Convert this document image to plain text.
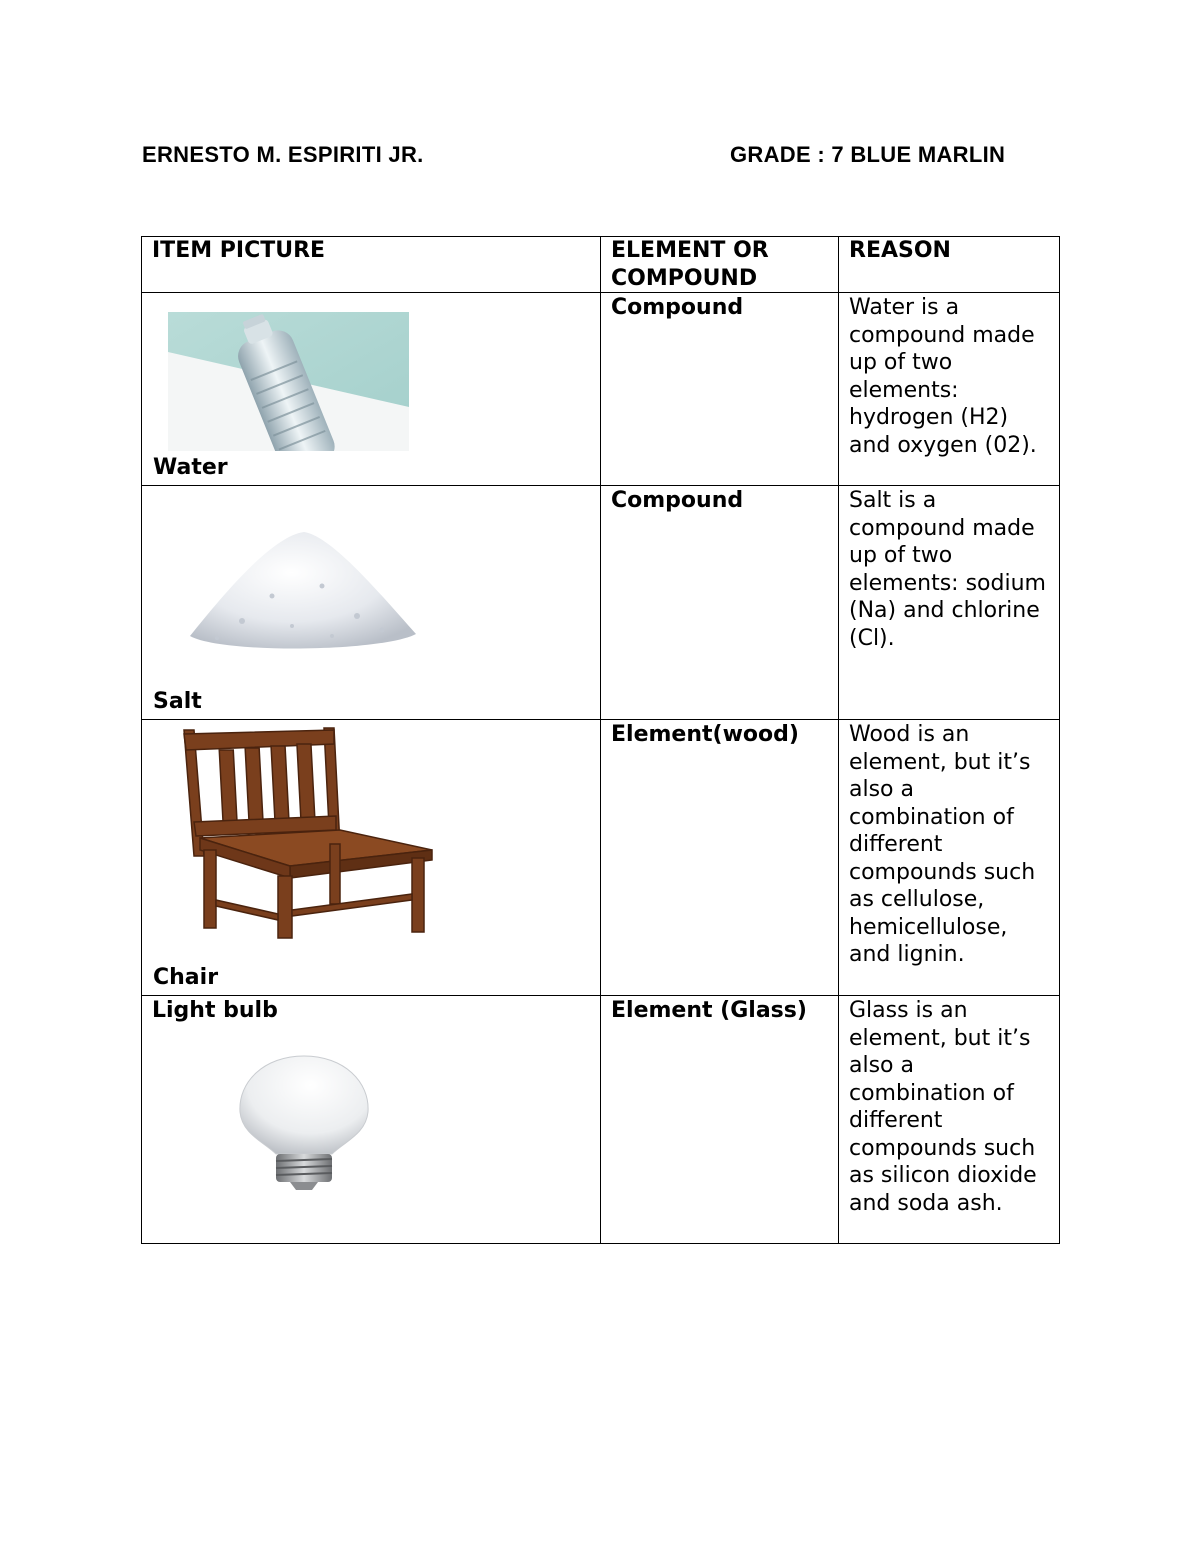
ERNESTO M. ESPIRITI JR.	GRADE : 7 BLUE MARLIN
ITEM PICTURE	ELEMENT OR COMPOUND	REASON

Water	Compound	Water is a compound made up of two elements: hydrogen (H2) and oxygen (02).

Salt	Compound	Salt is a compound made up of two elements: sodium (Na) and chlorine (Cl).

Chair	Element(wood)	Wood is an element, but it’s also a combination of different compounds such as cellulose, hemicellulose, and lignin.

Light bulb	Element (Glass)	Glass is an element, but it’s also a combination of different compounds such as silicon dioxide and soda ash.
